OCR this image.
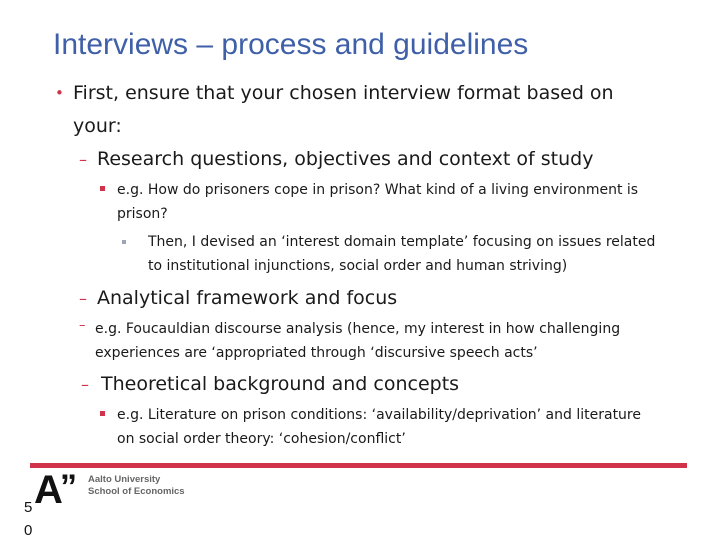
Interviews – process and guidelines
• First, ensure that your chosen interview format based on
your:
– Research questions, objectives and context of study
e.g. How do prisoners cope in prison? What kind of a living environment is
prison?
Then, I devised an ‘interest domain template’ focusing on issues related
to institutional injunctions, social order and human striving)
– Analytical framework and focus
– e.g. Foucauldian discourse analysis (hence, my interest in how challenging
experiences are ‘appropriated through ‘discursive speech acts’
– Theoretical background and concepts
e.g. Literature on prison conditions: ‘availability/deprivation’ and literature
on social order theory: ‘cohesion/conflict’
A
” Aalto University
School of Economics
5
0
